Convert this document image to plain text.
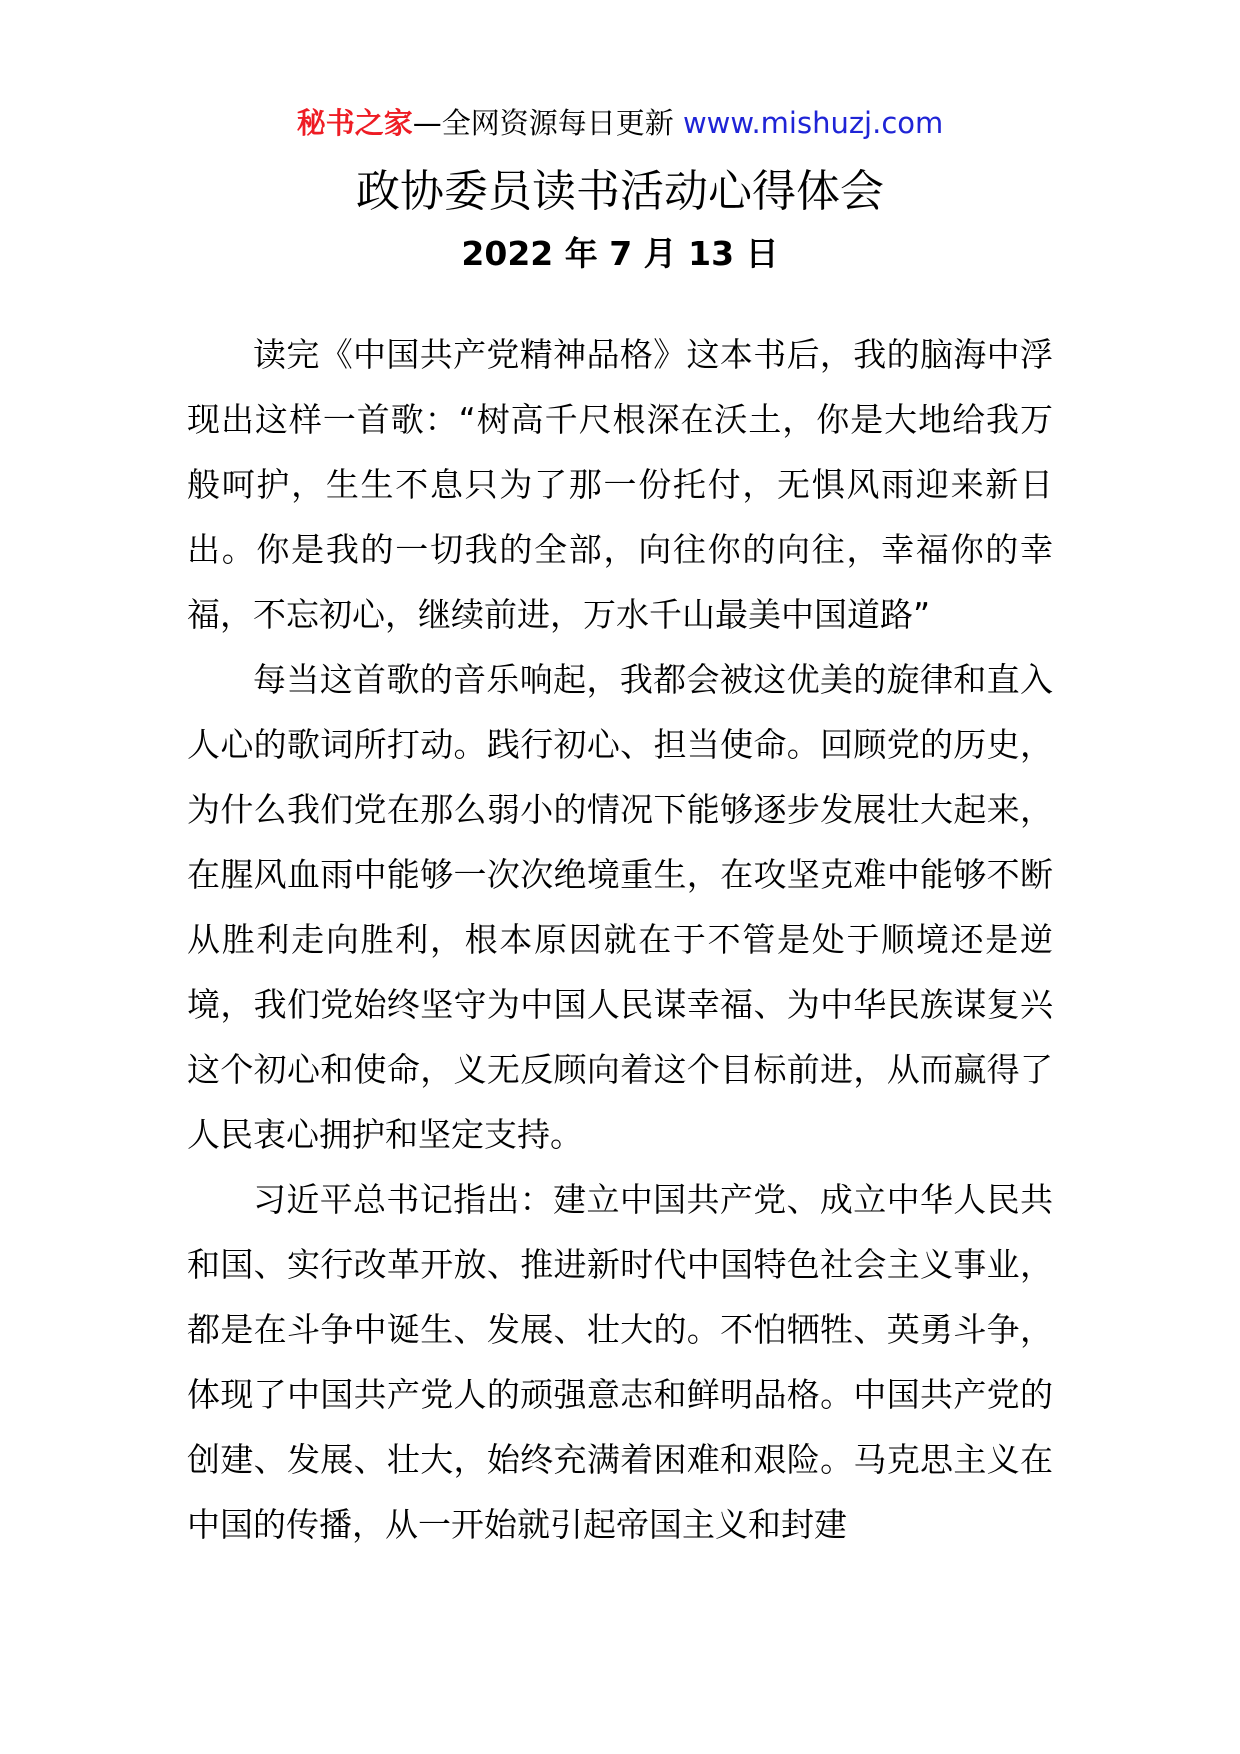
秘书之家—全网资源每日更新 www.mishuzj.com
政协委员读书活动心得体会
2022 年 7 月 13 日

读完《中国共产党精神品格》这本书后，我的脑海中浮现出这样一首歌：“树高千尺根深在沃土，你是大地给我万般呵护，生生不息只为了那一份托付，无惧风雨迎来新日出。你是我的一切我的全部，向往你的向往，幸福你的幸福，不忘初心，继续前进，万水千山最美中国道路”

每当这首歌的音乐响起，我都会被这优美的旋律和直入人心的歌词所打动。践行初心、担当使命。回顾党的历史，为什么我们党在那么弱小的情况下能够逐步发展壮大起来，在腥风血雨中能够一次次绝境重生，在攻坚克难中能够不断从胜利走向胜利，根本原因就在于不管是处于顺境还是逆境，我们党始终坚守为中国人民谋幸福、为中华民族谋复兴这个初心和使命，义无反顾向着这个目标前进，从而赢得了人民衷心拥护和坚定支持。

习近平总书记指出：建立中国共产党、成立中华人民共和国、实行改革开放、推进新时代中国特色社会主义事业，都是在斗争中诞生、发展、壮大的。不怕牺牲、英勇斗争，体现了中国共产党人的顽强意志和鲜明品格。中国共产党的创建、发展、壮大，始终充满着困难和艰险。马克思主义在中国的传播，从一开始就引起帝国主义和封建
